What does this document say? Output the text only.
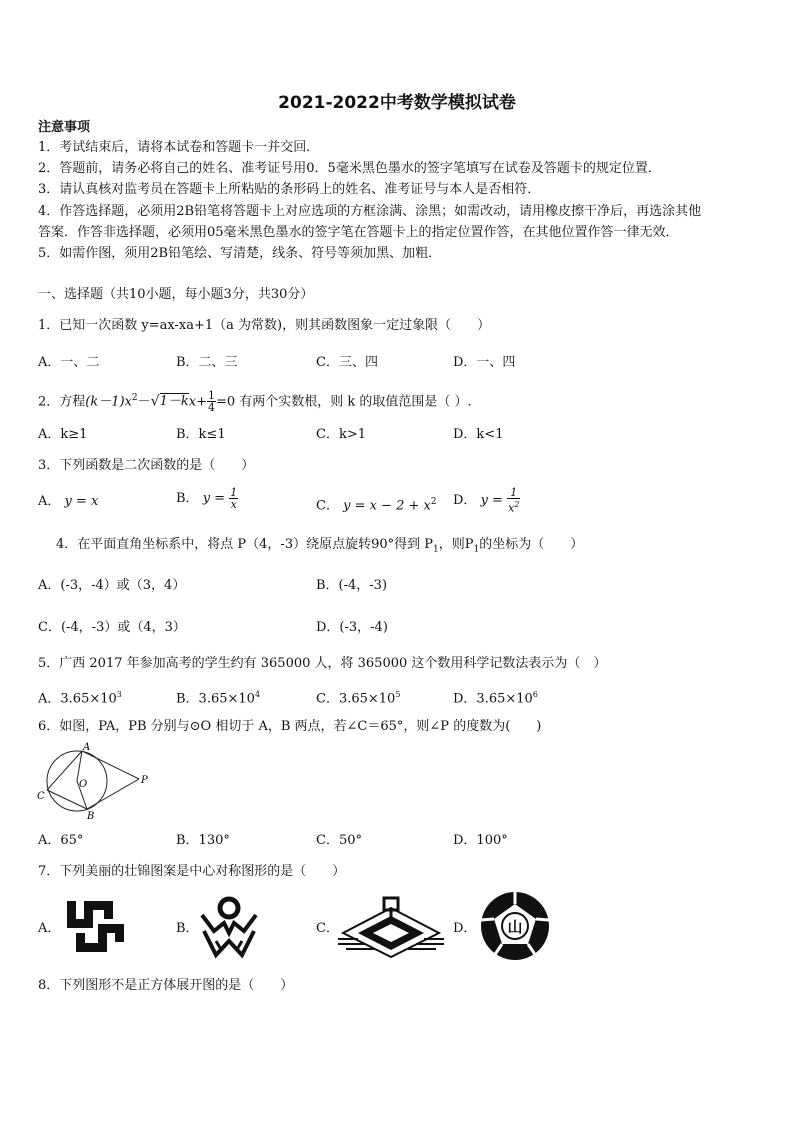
2021-2022中考数学模拟试卷
注意事项
1．考试结束后，请将本试卷和答题卡一并交回．
2．答题前，请务必将自己的姓名、准考证号用0．5毫米黑色墨水的签字笔填写在试卷及答题卡的规定位置．
3．请认真核对监考员在答题卡上所粘贴的条形码上的姓名、准考证号与本人是否相符．
4．作答选择题，必须用2B铅笔将答题卡上对应选项的方框涂满、涂黑；如需改动，请用橡皮擦干净后，再选涂其他
答案．作答非选择题，必须用05毫米黑色墨水的签字笔在答题卡上的指定位置作答，在其他位置作答一律无效．
5．如需作图，须用2B铅笔绘、写清楚，线条、符号等须加黑、加粗．
一、选择题（共10小题，每小题3分，共30分）
1．已知一次函数 y=ax-xa+1（a 为常数)，则其函数图象一定过象限（　　）
A．一、二	B．二、三	C．三、四	D．一、四
2．方程$(k-1)x^2-√1-kx+ \frac{1}{4} =0$ 有两个实数根，则 k 的取值范围是（ ）.
A．k≥1	B．k≤1	C．k>1	D．k<1
3．下列函数是二次函数的是（　　）
A． y = x	B． $y = \frac{1}{x}$	C． $y = x - 2 + x^2$ D． $y = \frac{1}{x^2}$
4．在平面直角坐标系中，将点 P（4，-3）绕原点旋转90°得到 $P_1$，则$P_1$的坐标为（　　）
A．(-3，-4）或（3，4）	B．(-4，-3)
C．(-4，-3）或（4，3）	D．(-3，-4)
5．广西 2017 年参加高考的学生约有 365000 人，将 365000 这个数用科学记数法表示为（　）
A．$3.65\times 10^3$	B．$3.65\times 10^4$	C．$3.65\times 10^5$	D．$3.65\times 10^6$
6．如图，PA，PB 分别与⊙O 相切于 A，B 两点，若∠C＝65°，则∠P 的度数为(　　)
A
B
C
O	P
A．65°	B．130°	C．50°	D．100°
7．下列美丽的壮锦图案是中心对称图形的是（　　）
A．	B．	C．	D． 山
8．下列图形不是正方体展开图的是（　　）
